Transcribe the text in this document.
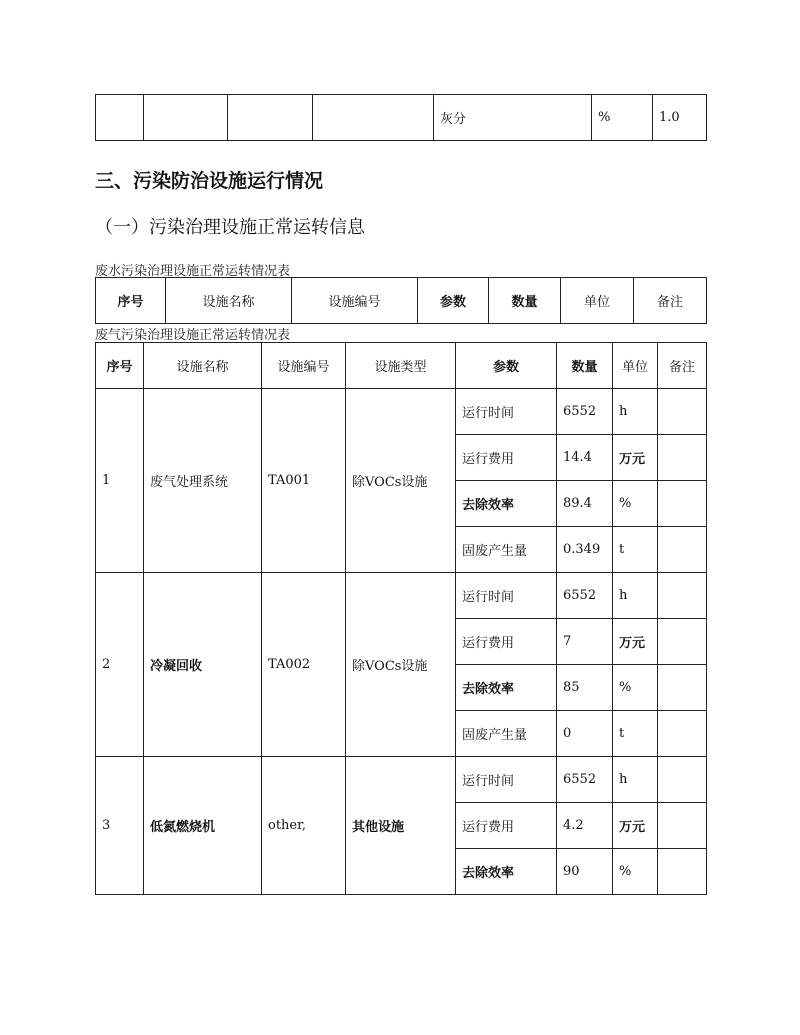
				灰分	%	1.0
三、污染防治设施运行情况
（一）污染治理设施正常运转信息
废水污染治理设施正常运转情况表
序号	设施名称	设施编号	参数	数量	单位	备注
废气污染治理设施正常运转情况表
序号	设施名称	设施编号	设施类型	参数	数量	单位	备注
1	废气处理系统	TA001	除VOCs设施	运行时间	6552	h	
				运行费用	14.4	万元	
				去除效率	89.4	%	
				固废产生量	0.349	t	
2	冷凝回收	TA002	除VOCs设施	运行时间	6552	h	
				运行费用	7	万元	
				去除效率	85	%	
				固废产生量	0	t	
3	低氮燃烧机	other,	其他设施	运行时间	6552	h	
				运行费用	4.2	万元	
				去除效率	90	%	
